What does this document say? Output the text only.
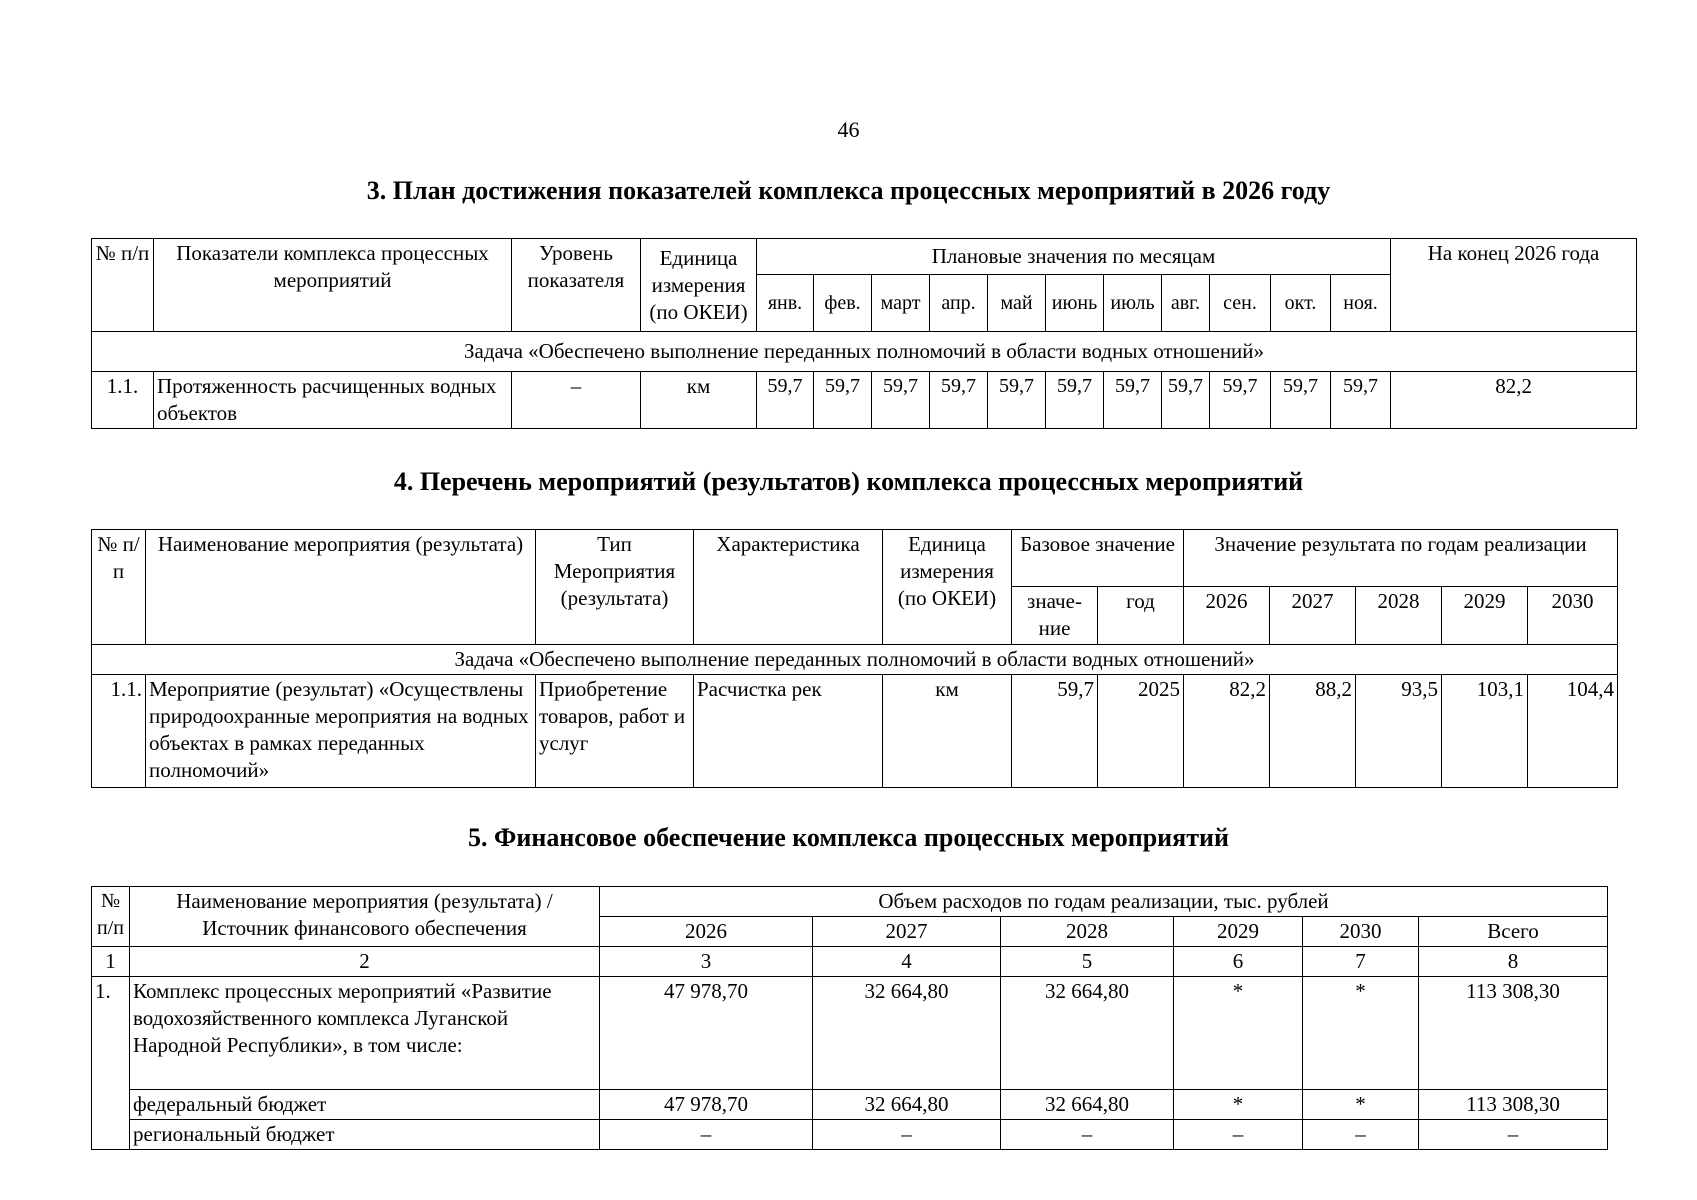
46
3. План достижения показателей комплекса процессных мероприятий в 2026 году
№ п/п	Показатели комплекса процессных мероприятий	Уровень показателя	Единица измерения (по ОКЕИ)	Плановые значения по месяцам											На конец 2026 года
				янв.	фев.	март	апр.	май	июнь	июль	авг.	сен.	окт.	ноя.	
Задача «Обеспечено выполнение переданных полномочий в области водных отношений»															
1.1.	Протяженность расчищенных водных объектов	–	км	59,7	59,7	59,7	59,7	59,7	59,7	59,7	59,7	59,7	59,7	59,7	82,2
4. Перечень мероприятий (результатов) комплекса процессных мероприятий
№ п/п	Наименование мероприятия (результата)	Тип Мероприятия (результата)	Характеристика	Единица измерения (по ОКЕИ)	Базовое значение		Значение результата по годам реализации				
					значе- ние	год	2026	2027	2028	2029	2030
Задача «Обеспечено выполнение переданных полномочий в области водных отношений»											
1.1.	Мероприятие (результат) «Осуществлены природоохранные мероприятия на водных объектах в рамках переданных полномочий»	Приобретение товаров, работ и услуг	Расчистка рек	км	59,7	2025	82,2	88,2	93,5	103,1	104,4
5. Финансовое обеспечение комплекса процессных мероприятий
№ п/п	Наименование мероприятия (результата) / Источник финансового обеспечения	Объем расходов по годам реализации, тыс. рублей					
		2026	2027	2028	2029	2030	Всего
1	2	3	4	5	6	7	8
1.	Комплекс процессных мероприятий «Развитие водохозяйственного комплекса Луганской Народной Республики», в том числе:	47 978,70	32 664,80	32 664,80	*	*	113 308,30
	федеральный бюджет	47 978,70	32 664,80	32 664,80	*	*	113 308,30
	региональный бюджет	–	–	–	–	–	–
